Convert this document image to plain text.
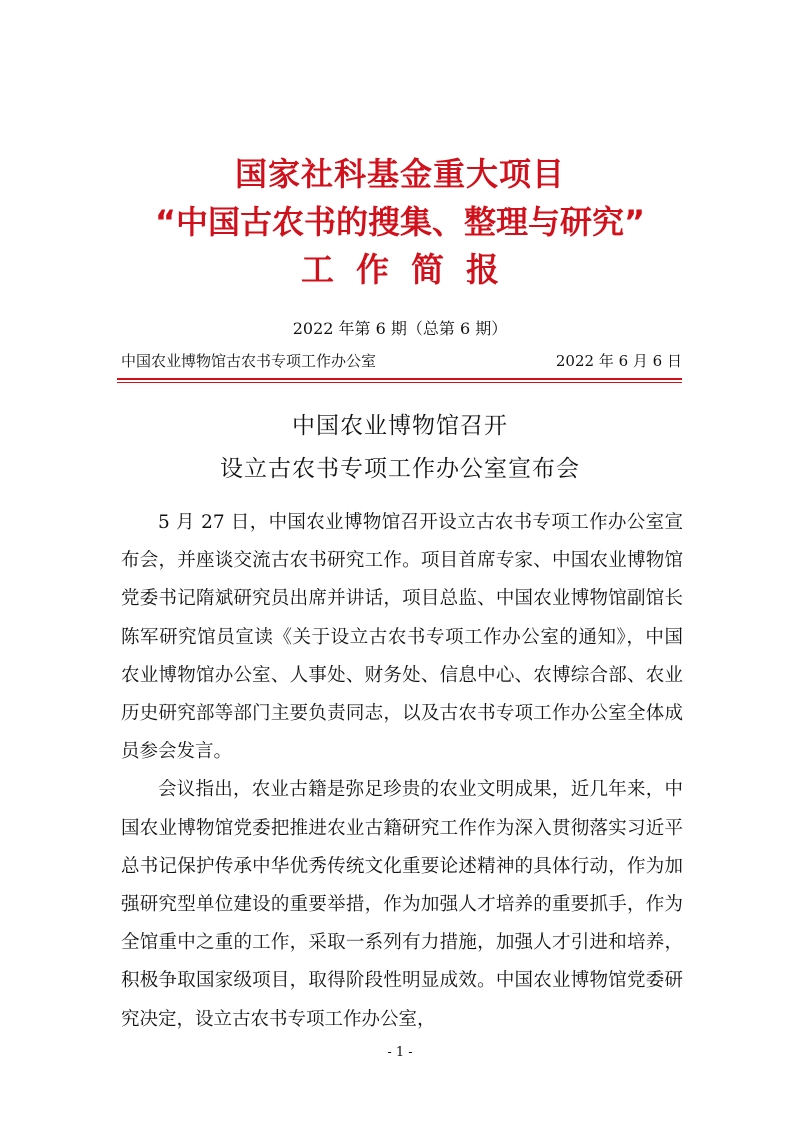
国家社科基金重大项目
“中国古农书的搜集、整理与研究”
工作简报
2022 年第 6 期（总第 6 期）
中国农业博物馆古农书专项工作办公室	2022 年 6 月 6 日
中国农业博物馆召开
设立古农书专项工作办公室宣布会

5 月 27 日，中国农业博物馆召开设立古农书专项工作办公室宣布会，并座谈交流古农书研究工作。项目首席专家、中国农业博物馆党委书记隋斌研究员出席并讲话，项目总监、中国农业博物馆副馆长陈军研究馆员宣读《关于设立古农书专项工作办公室的通知》，中国农业博物馆办公室、人事处、财务处、信息中心、农博综合部、农业历史研究部等部门主要负责同志，以及古农书专项工作办公室全体成员参会发言。

会议指出，农业古籍是弥足珍贵的农业文明成果，近几年来，中国农业博物馆党委把推进农业古籍研究工作作为深入贯彻落实习近平总书记保护传承中华优秀传统文化重要论述精神的具体行动，作为加强研究型单位建设的重要举措，作为加强人才培养的重要抓手，作为全馆重中之重的工作，采取一系列有力措施，加强人才引进和培养，积极争取国家级项目，取得阶段性明显成效。中国农业博物馆党委研究决定，设立古农书专项工作办公室，

- 1 -
